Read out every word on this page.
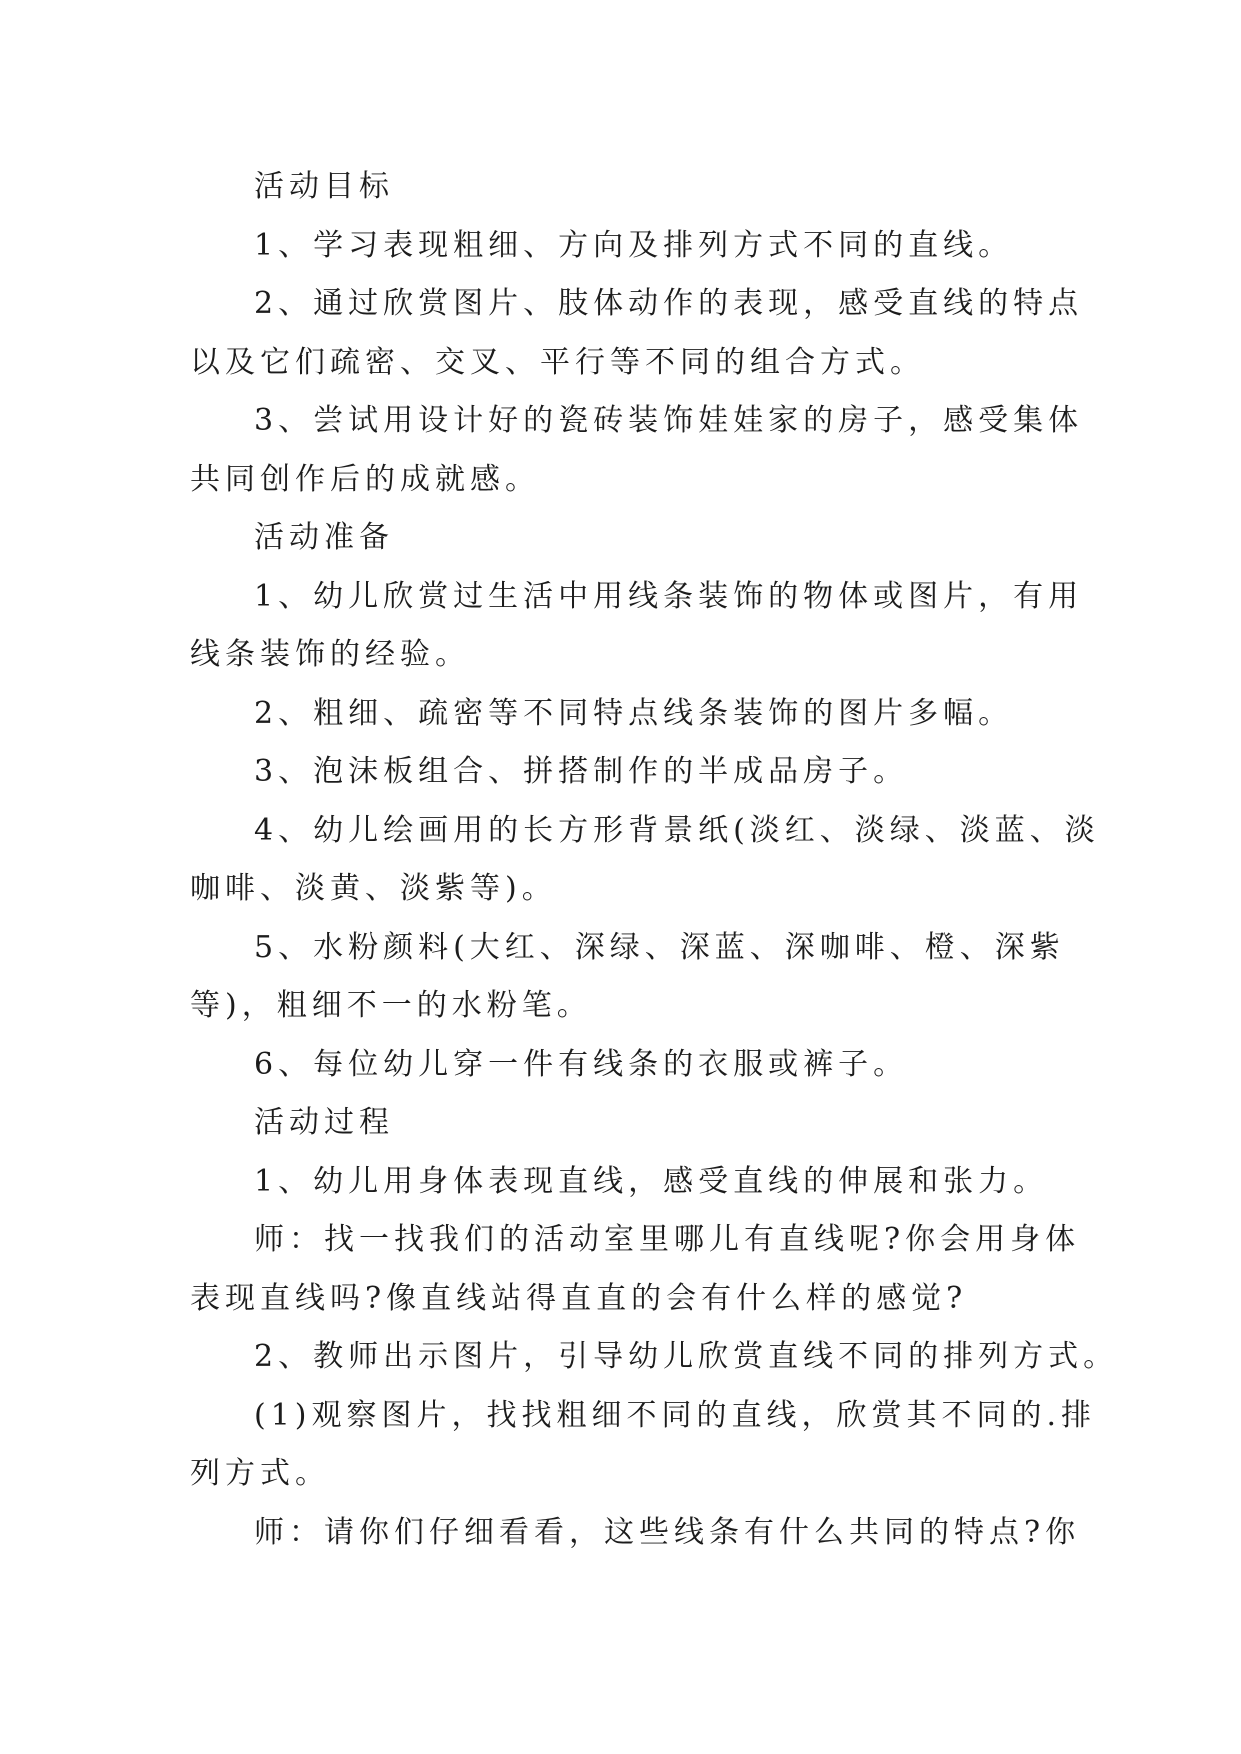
活动目标
1、学习表现粗细、方向及排列方式不同的直线。
2、通过欣赏图片、肢体动作的表现，感受直线的特点
以及它们疏密、交叉、平行等不同的组合方式。
3、尝试用设计好的瓷砖装饰娃娃家的房子，感受集体
共同创作后的成就感。
活动准备
1、幼儿欣赏过生活中用线条装饰的物体或图片，有用
线条装饰的经验。
2、粗细、疏密等不同特点线条装饰的图片多幅。
3、泡沫板组合、拼搭制作的半成品房子。
4、幼儿绘画用的长方形背景纸(淡红、淡绿、淡蓝、淡
咖啡、淡黄、淡紫等)。
5、水粉颜料(大红、深绿、深蓝、深咖啡、橙、深紫
等)，粗细不一的水粉笔。
6、每位幼儿穿一件有线条的衣服或裤子。
活动过程
1、幼儿用身体表现直线，感受直线的伸展和张力。
师：找一找我们的活动室里哪儿有直线呢?你会用身体
表现直线吗?像直线站得直直的会有什么样的感觉?
2、教师出示图片，引导幼儿欣赏直线不同的排列方式。
(1)观察图片，找找粗细不同的直线，欣赏其不同的.排
列方式。
师：请你们仔细看看，这些线条有什么共同的特点?你
